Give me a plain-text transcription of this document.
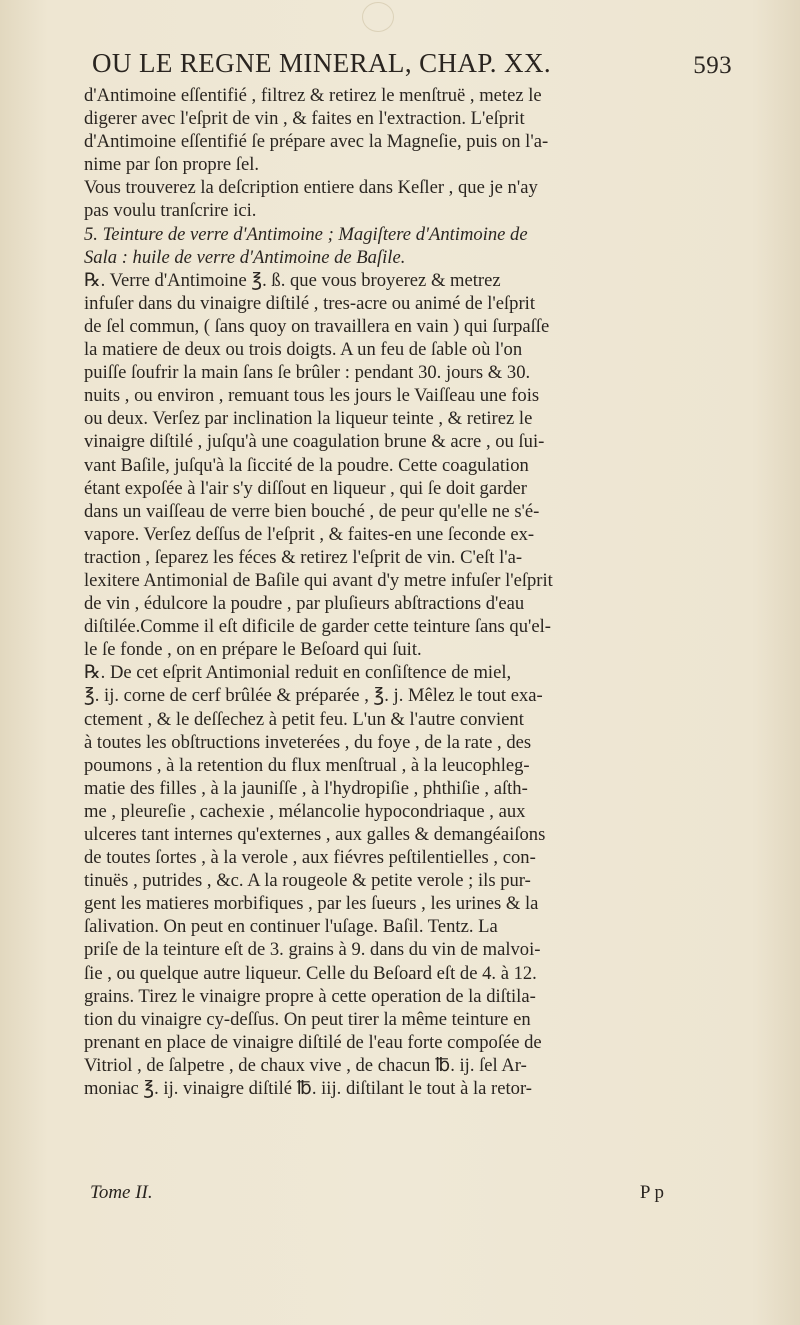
OU LE REGNE MINERAL, CHAP. XX.	593
d'Antimoine eſſentifié , filtrez & retirez le menſtruë , metez le
digerer avec l'eſprit de vin , & faites en l'extraction. L'eſprit
d'Antimoine eſſentifié ſe prépare avec la Magneſie, puis on l'a-
nime par ſon propre ſel.
Vous trouverez la deſcription entiere dans Keſler , que je n'ay
pas voulu tranſcrire ici.
5. Teinture de verre d'Antimoine ; Magiſtere d'Antimoine de
Sala : huile de verre d'Antimoine de Baſile.
℞. Verre d'Antimoine ℥. ß. que vous broyerez & metrez
infuſer dans du vinaigre diſtilé , tres-acre ou animé de l'eſprit
de ſel commun, ( ſans quoy on travaillera en vain ) qui ſurpaſſe
la matiere de deux ou trois doigts. A un feu de ſable où l'on
puiſſe ſoufrir la main ſans ſe brûler : pendant 30. jours & 30.
nuits , ou environ , remuant tous les jours le Vaiſſeau une fois
ou deux. Verſez par inclination la liqueur teinte , & retirez le
vinaigre diſtilé , juſqu'à une coagulation brune & acre , ou ſui-
vant Baſile, juſqu'à la ſiccité de la poudre. Cette coagulation
étant expoſée à l'air s'y diſſout en liqueur , qui ſe doit garder
dans un vaiſſeau de verre bien bouché , de peur qu'elle ne s'é-
vapore. Verſez deſſus de l'eſprit , & faites-en une ſeconde ex-
traction , ſeparez les féces & retirez l'eſprit de vin. C'eſt l'a-
lexitere Antimonial de Baſile qui avant d'y metre infuſer l'eſprit
de vin , édulcore la poudre , par pluſieurs abſtractions d'eau
diſtilée.Comme il eſt dificile de garder cette teinture ſans qu'el-
le ſe fonde , on en prépare le Beſoard qui ſuit.
℞. De cet eſprit Antimonial reduit en conſiſtence de miel,
℥. ij. corne de cerf brûlée & préparée , ℥. j. Mêlez le tout exa-
ctement , & le deſſechez à petit feu. L'un & l'autre convient
à toutes les obſtructions inveterées , du foye , de la rate , des
poumons , à la retention du flux menſtrual , à la leucophleg-
matie des filles , à la jauniſſe , à l'hydropiſie , phthiſie , aſth-
me , pleureſie , cachexie , mélancolie hypocondriaque , aux
ulceres tant internes qu'externes , aux galles & demangéaiſons
de toutes ſortes , à la verole , aux fiévres peſtilentielles , con-
tinuës , putrides , &c. A la rougeole & petite verole ; ils pur-
gent les matieres morbifiques , par les ſueurs , les urines & la
ſalivation. On peut en continuer l'uſage. Baſil. Tentz. La
priſe de la teinture eſt de 3. grains à 9. dans du vin de malvoi-
ſie , ou quelque autre liqueur. Celle du Beſoard eſt de 4. à 12.
grains. Tirez le vinaigre propre à cette operation de la diſtila-
tion du vinaigre cy-deſſus. On peut tirer la même teinture en
prenant en place de vinaigre diſtilé de l'eau forte compoſée de
Vitriol , de ſalpetre , de chaux vive , de chacun ℔. ij. ſel Ar-
moniac ℥. ij. vinaigre diſtilé ℔. iij. diſtilant le tout à la retor-
Tome II.	P p
